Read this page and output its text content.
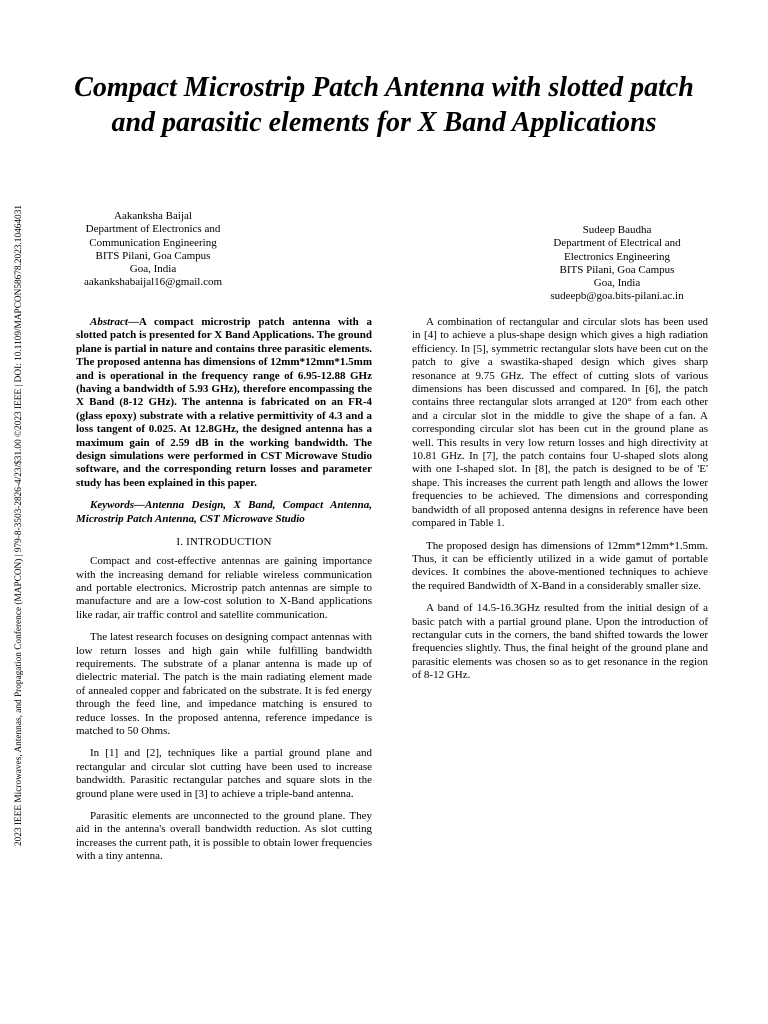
2023 IEEE Microwaves, Antennas, and Propagation Conference (MAPCON) | 979-8-3503-2826-4/23/$31.00 ©2023 IEEE | DOI: 10.1109/MAPCON58678.2023.10464031
Compact Microstrip Patch Antenna with slotted patch and parasitic elements for X Band Applications
Aakanksha Baijal
Department of Electronics and
Communication Engineering
BITS Pilani, Goa Campus
Goa, India
aakankshabaijal16@gmail.com
Sudeep Baudha
Department of Electrical and
Electronics Engineering
BITS Pilani, Goa Campus
Goa, India
sudeepb@goa.bits-pilani.ac.in

Abstract—A compact microstrip patch antenna with a slotted patch is presented for X Band Applications. The ground plane is partial in nature and contains three parasitic elements. The proposed antenna has dimensions of 12mm*12mm*1.5mm and is operational in the frequency range of 6.95-12.88 GHz (having a bandwidth of 5.93 GHz), therefore encompassing the X Band (8-12 GHz). The antenna is fabricated on an FR-4 (glass epoxy) substrate with a relative permittivity of 4.3 and a loss tangent of 0.025. At 12.8GHz, the designed antenna has a maximum gain of 2.59 dB in the working bandwidth. The design simulations were performed in CST Microwave Studio software, and the corresponding return losses and parameter study has been explained in this paper.

Keywords—Antenna Design, X Band, Compact Antenna, Microstrip Patch Antenna, CST Microwave Studio

I. INTRODUCTION

Compact and cost-effective antennas are gaining importance with the increasing demand for reliable wireless communication and portable electronics. Microstrip patch antennas are simple to manufacture and are a low-cost solution to X-Band applications like radar, air traffic control and satellite communication.

The latest research focuses on designing compact antennas with low return losses and high gain while fulfilling bandwidth requirements. The substrate of a planar antenna is made up of dielectric material. The patch is the main radiating element made of annealed copper and fabricated on the substrate. It is fed energy through the feed line, and impedance matching is ensured to reduce losses. In the proposed antenna, reference impedance is matched to 50 Ohms.

In [1] and [2], techniques like a partial ground plane and rectangular and circular slot cutting have been used to increase bandwidth. Parasitic rectangular patches and square slots in the ground plane were used in [3] to achieve a triple-band antenna.

Parasitic elements are unconnected to the ground plane. They aid in the antenna's overall bandwidth reduction. As slot cutting increases the current path, it is possible to obtain lower frequencies with a tiny antenna.

A combination of rectangular and circular slots has been used in [4] to achieve a plus-shape design which gives a high radiation efficiency. In [5], symmetric rectangular slots have been cut on the patch to give a swastika-shaped design which gives sharp resonance at 9.75 GHz. The effect of cutting slots of various dimensions has been discussed and compared. In [6], the patch contains three rectangular slots arranged at 120° from each other and a circular slot in the middle to give the shape of a fan. A corresponding circular slot has been cut in the ground plane as well. This results in very low return losses and high directivity at 10.81 GHz. In [7], the patch contains four U-shaped slots along with one I-shaped slot. In [8], the patch is designed to be of 'E' shape. This increases the current path length and allows the lower frequencies to be achieved. The dimensions and corresponding bandwidth of all proposed antenna designs in reference have been compared in Table 1.

The proposed design has dimensions of 12mm*12mm*1.5mm. Thus, it can be efficiently utilized in a wide gamut of portable devices. It combines the above-mentioned techniques to achieve the required Bandwidth of X-Band in a considerably smaller size.

A band of 14.5-16.3GHz resulted from the initial design of a basic patch with a partial ground plane. Upon the introduction of rectangular cuts in the corners, the band shifted towards the lower frequencies slightly. Thus, the final height of the ground plane and parasitic elements was chosen so as to get resonance in the region of 8-12 GHz.
